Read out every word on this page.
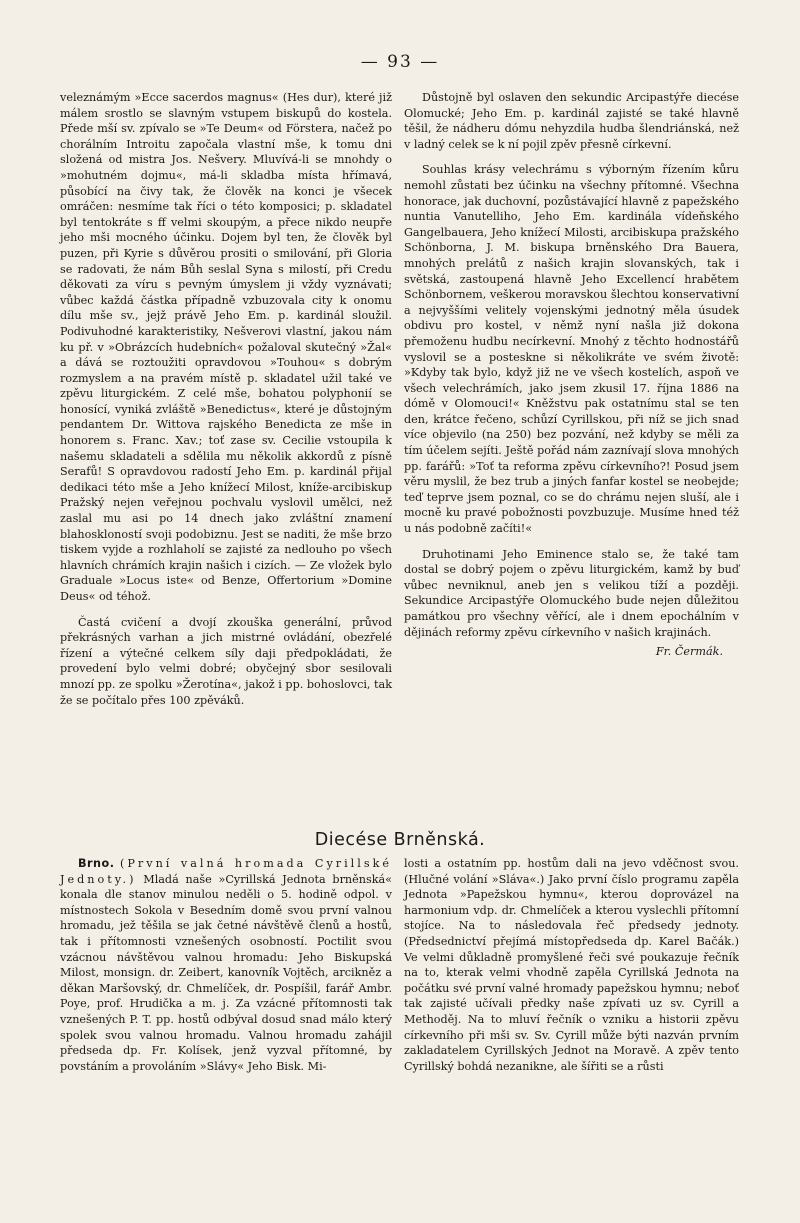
— 93 —

veleznámým »Ecce sacerdos magnus« (Hes dur), které již málem srostlo se slavným vstupem biskupů do kostela. Přede mší sv. zpívalo se »Te Deum« od Förstera, načež po chorálním Introitu započala vlastní mše, k tomu dni složená od mistra Jos. Nešvery. Mluvívá-li se mnohdy o »mohutném dojmu«, má-li skladba místa hřímavá, působící na čivy tak, že člověk na konci je všecek omráčen: nesmíme tak říci o této komposici; p. skladatel byl tentokráte s ff velmi skoupým, a přece nikdo neupře jeho mši mocného účinku. Dojem byl ten, že člověk byl puzen, při Kyrie s důvěrou prositi o smilování, při Gloria se radovati, že nám Bůh seslal Syna s milostí, při Credu děkovati za víru s pevným úmyslem ji vždy vyznávati; vůbec každá částka případně vzbuzovala city k onomu dílu mše sv., jejž právě Jeho Em. p. kardinál sloužil. Podivuhodné karakteristiky, Nešverovi vlastní, jakou nám ku př. v »Obrázcích hudebních« požaloval skutečný »Žal« a dává se roztoužiti opravdovou »Touhou« s dobrým rozmyslem a na pravém místě p. skladatel užil také ve zpěvu liturgickém. Z celé mše, bohatou polyphonií se honosící, vyniká zvláště »Benedictus«, které je důstojným pendantem Dr. Wittova rajského Benedicta ze mše in honorem s. Franc. Xav.; toť zase sv. Cecilie vstoupila k našemu skladateli a sdělila mu několik akkordů z písně Serafů! S opravdovou radostí Jeho Em. p. kardinál přijal dedikaci této mše a Jeho knížecí Milost, kníže-arcibiskup Pražský nejen veřejnou pochvalu vyslovil umělci, než zaslal mu asi po 14 dnech jako zvláštní znamení blahoskloností svoji podobiznu. Jest se naditi, že mše brzo tiskem vyjde a rozhlaholí se zajisté za nedlouho po všech hlavních chrámích krajin našich i cizích. — Ze vložek bylo Graduale »Locus iste« od Benze, Offertorium »Domine Deus« od téhož.

Častá cvičení a dvojí zkouška generální, průvod překrásných varhan a jich mistrné ovládání, obezřelé řízení a výtečné celkem síly daji předpokládati, že provedení bylo velmi dobré; obyčejný sbor sesilovali mnozí pp. ze spolku »Žerotína«, jakož i pp. bohoslovci, tak že se počítalo přes 100 zpěváků.

Důstojně byl oslaven den sekundic Arcipastýře diecése Olomucké; Jeho Em. p. kardinál zajisté se také hlavně těšil, že nádheru dómu nehyzdila hudba šlendriánská, než v ladný celek se k ní pojil zpěv přesně církevní.

Souhlas krásy velechrámu s výborným řízením kůru nemohl zůstati bez účinku na všechny přítomné. Všechna honorace, jak duchovní, pozůstávající hlavně z papežského nuntia Vanutelliho, Jeho Em. kardinála vídeňského Gangelbauera, Jeho knížecí Milosti, arcibiskupa pražského Schönborna, J. M. biskupa brněnského Dra Bauera, mnohých prelátů z našich krajin slovanských, tak i světská, zastoupená hlavně Jeho Excellencí hrabětem Schönbornem, veškerou moravskou šlechtou konservativní a nejvyššími velitely vojenskými jednotný měla úsudek obdivu pro kostel, v němž nyní našla již dokona přemoženu hudbu necírkevní. Mnohý z těchto hodnostářů vyslovil se a posteskne si několikráte ve svém životě: »Kdyby tak bylo, když již ne ve všech kostelích, aspoň ve všech velechrámích, jako jsem zkusil 17. října 1886 na dómě v Olomouci!« Kněžstvu pak ostatnímu stal se ten den, krátce řečeno, schůzí Cyrillskou, při níž se jich snad více objevilo (na 250) bez pozvání, než kdyby se měli za tím účelem sejíti. Ještě pořád nám zaznívají slova mnohých pp. farářů: »Toť ta reforma zpěvu církevního?! Posud jsem věru myslil, že bez trub a jiných fanfar kostel se neobejde; teď teprve jsem poznal, co se do chrámu nejen sluší, ale i mocně ku pravé pobožnosti povzbuzuje. Musíme hned též u nás podobně začíti!«

Druhotinami Jeho Eminence stalo se, že také tam dostal se dobrý pojem o zpěvu liturgickém, kamž by buď vůbec nevniknul, aneb jen s velikou tíží a později. Sekundice Arcipastýře Olomuckého bude nejen důležitou památkou pro všechny věřící, ale i dnem epochálním v dějinách reformy zpěvu církevního v našich krajinách.

Fr. Čermák.
Diecése Brněnská.

Brno. (První valná hromada Cyrillské Jednoty.) Mladá naše »Cyrillská Jednota brněnská« konala dle stanov minulou neděli o 5. hodině odpol. v místnostech Sokola v Besedním domě svou první valnou hromadu, jež těšila se jak četné návštěvě členů a hostů, tak i přítomnosti vznešených osobností. Poctilit svou vzácnou návštěvou valnou hromadu: Jeho Biskupská Milost, monsign. dr. Zeibert, kanovník Vojtěch, arcikněz a děkan Maršovský, dr. Chmelíček, dr. Pospíšil, farář Ambr. Poye, prof. Hrudička a m. j. Za vzácné přítomnosti tak vznešených P. T. pp. hostů odbýval dosud snad málo který spolek svou valnou hromadu. Valnou hromadu zahájil předseda dp. Fr. Kolísek, jenž vyzval přítomné, by povstáním a provoláním »Slávy« Jeho Bisk. Mi-

losti a ostatním pp. hostům dali na jevo vděčnost svou. (Hlučné volání »Sláva«.) Jako první číslo programu zapěla Jednota »Papežskou hymnu«, kterou doprovázel na harmonium vdp. dr. Chmelíček a kterou vyslechli přítomní stojíce. Na to následovala řeč předsedy jednoty. (Předsednictví přejímá místopředseda dp. Karel Bačák.) Ve velmi důkladně promyšlené řeči své poukazuje řečník na to, kterak velmi vhodně zapěla Cyrillská Jednota na počátku své první valné hromady papežskou hymnu; neboť tak zajisté učívali předky naše zpívati uz sv. Cyrill a Methoděj. Na to mluví řečník o vzniku a historii zpěvu církevního při mši sv. Sv. Cyrill může býti nazván prvním zakladatelem Cyrillských Jednot na Moravě. A zpěv tento Cyrillský bohdá nezanikne, ale šířiti se a růsti
